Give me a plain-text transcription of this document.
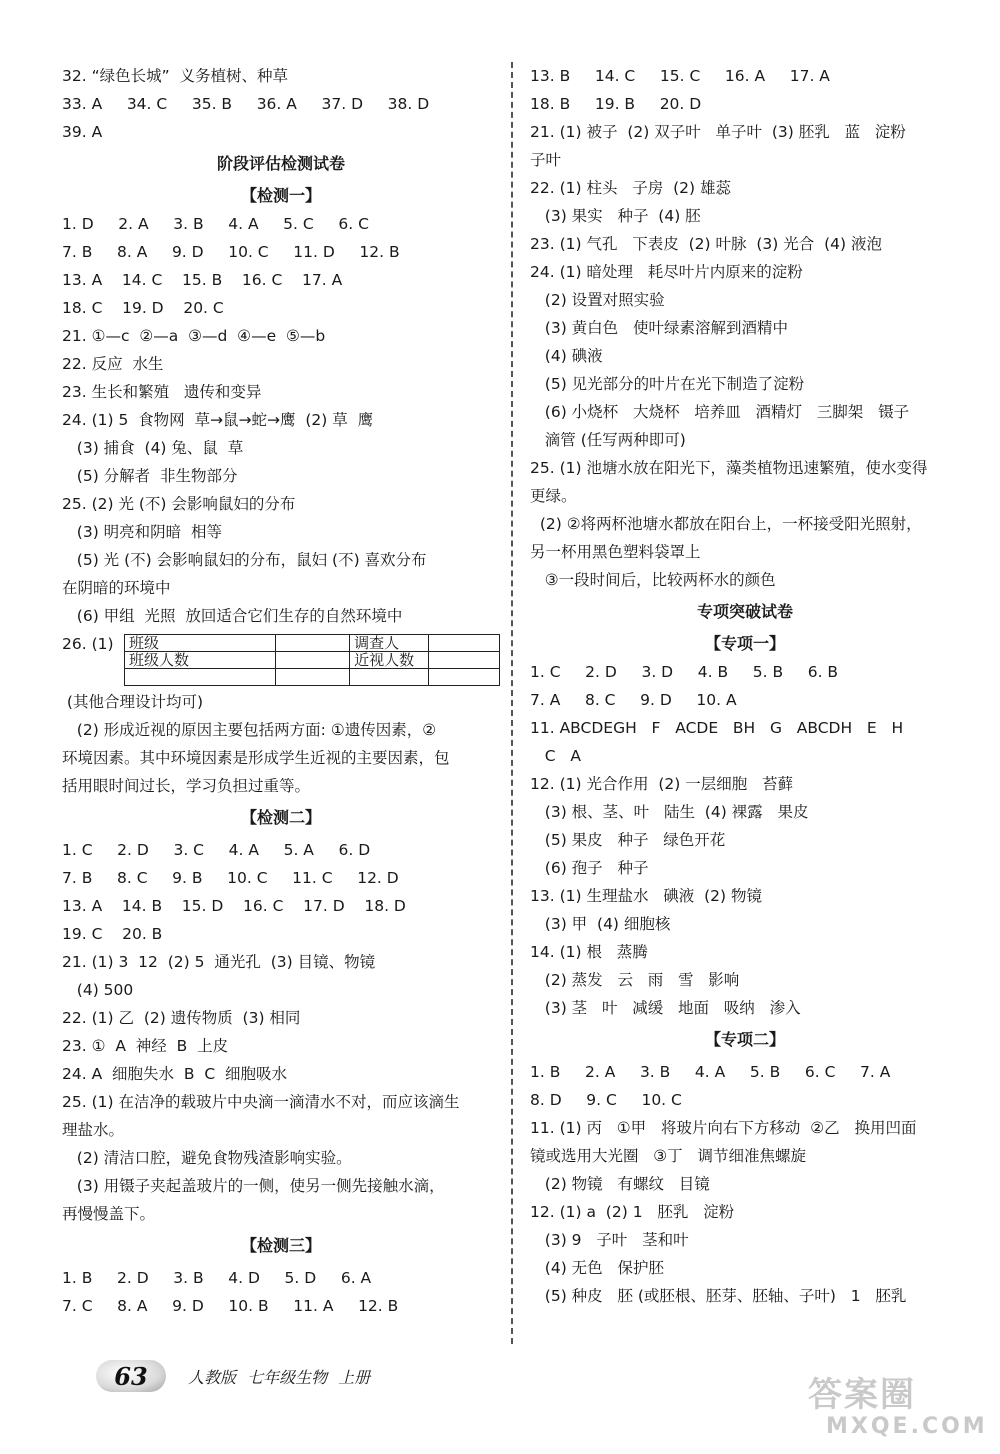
32. “绿色长城”  义务植树、种草
33. A     34. C     35. B     36. A     37. D     38. D
39. A
阶段评估检测试卷
【检测一】
1. D     2. A     3. B     4. A     5. C     6. C
7. B     8. A     9. D     10. C     11. D     12. B
13. A    14. C    15. B    16. C    17. A
18. C    19. D    20. C
21. ①—c  ②—a  ③—d  ④—e  ⑤—b
22. 反应  水生
23. 生长和繁殖   遗传和变异
24. (1) 5  食物网  草→鼠→蛇→鹰  (2) 草  鹰
(3) 捕食  (4) 兔、鼠  草
(5) 分解者  非生物部分
25. (2) 光 (不) 会影响鼠妇的分布
(3) 明亮和阴暗  相等
(5) 光 (不) 会影响鼠妇的分布，鼠妇 (不) 喜欢分布
在阴暗的环境中
(6) 甲组  光照  放回适合它们生存的自然环境中
26. (1) 班级		调查人	
班级人数		近视人数	

(其他合理设计均可)
(2) 形成近视的原因主要包括两方面: ①遗传因素，②
环境因素。其中环境因素是形成学生近视的主要因素，包
括用眼时间过长，学习负担过重等。
【检测二】
1. C     2. D     3. C     4. A     5. A     6. D
7. B     8. C     9. B     10. C     11. C     12. D
13. A    14. B    15. D    16. C    17. D    18. D
19. C    20. B
21. (1) 3  12  (2) 5  通光孔  (3) 目镜、物镜
(4) 500
22. (1) 乙  (2) 遗传物质  (3) 相同
23. ①  A  神经  B  上皮
24. A  细胞失水  B  C  细胞吸水
25. (1) 在洁净的载玻片中央滴一滴清水不对，而应该滴生
理盐水。
(2) 清洁口腔，避免食物残渣影响实验。
(3) 用镊子夹起盖玻片的一侧，使另一侧先接触水滴，
再慢慢盖下。
【检测三】
1. B     2. D     3. B     4. D     5. D     6. A
7. C     8. A     9. D     10. B     11. A     12. B
13. B     14. C     15. C     16. A     17. A
18. B     19. B     20. D
21. (1) 被子  (2) 双子叶   单子叶  (3) 胚乳   蓝   淀粉
子叶
22. (1) 柱头   子房  (2) 雄蕊
(3) 果实   种子  (4) 胚
23. (1) 气孔   下表皮  (2) 叶脉  (3) 光合  (4) 液泡
24. (1) 暗处理   耗尽叶片内原来的淀粉
(2) 设置对照实验
(3) 黄白色   使叶绿素溶解到酒精中
(4) 碘液
(5) 见光部分的叶片在光下制造了淀粉
(6) 小烧杯   大烧杯   培养皿   酒精灯   三脚架   镊子
滴管 (任写两种即可)
25. (1) 池塘水放在阳光下，藻类植物迅速繁殖，使水变得
更绿。
(2) ②将两杯池塘水都放在阳台上，一杯接受阳光照射，
另一杯用黑色塑料袋罩上
③一段时间后，比较两杯水的颜色
专项突破试卷
【专项一】
1. C     2. D     3. D     4. B     5. B     6. B
7. A     8. C     9. D     10. A
11. ABCDEGH   F   ACDE   BH   G   ABCDH   E   H
C   A
12. (1) 光合作用  (2) 一层细胞   苔藓
(3) 根、茎、叶   陆生  (4) 裸露   果皮
(5) 果皮   种子   绿色开花
(6) 孢子   种子
13. (1) 生理盐水   碘液  (2) 物镜
(3) 甲  (4) 细胞核
14. (1) 根   蒸腾
(2) 蒸发   云   雨   雪   影响
(3) 茎   叶   减缓   地面   吸纳   渗入
【专项二】
1. B     2. A     3. B     4. A     5. B     6. C     7. A
8. D     9. C     10. C
11. (1) 丙   ①甲   将玻片向右下方移动  ②乙   换用凹面
镜或选用大光圈   ③丁   调节细准焦螺旋
(2) 物镜   有螺纹   目镜
12. (1) a  (2) 1   胚乳   淀粉
(3) 9   子叶   茎和叶
(4) 无色   保护胚
(5) 种皮   胚 (或胚根、胚芽、胚轴、子叶)   1   胚乳
63	人教版 七年级生物 上册	答案圈
MXQE.COM
